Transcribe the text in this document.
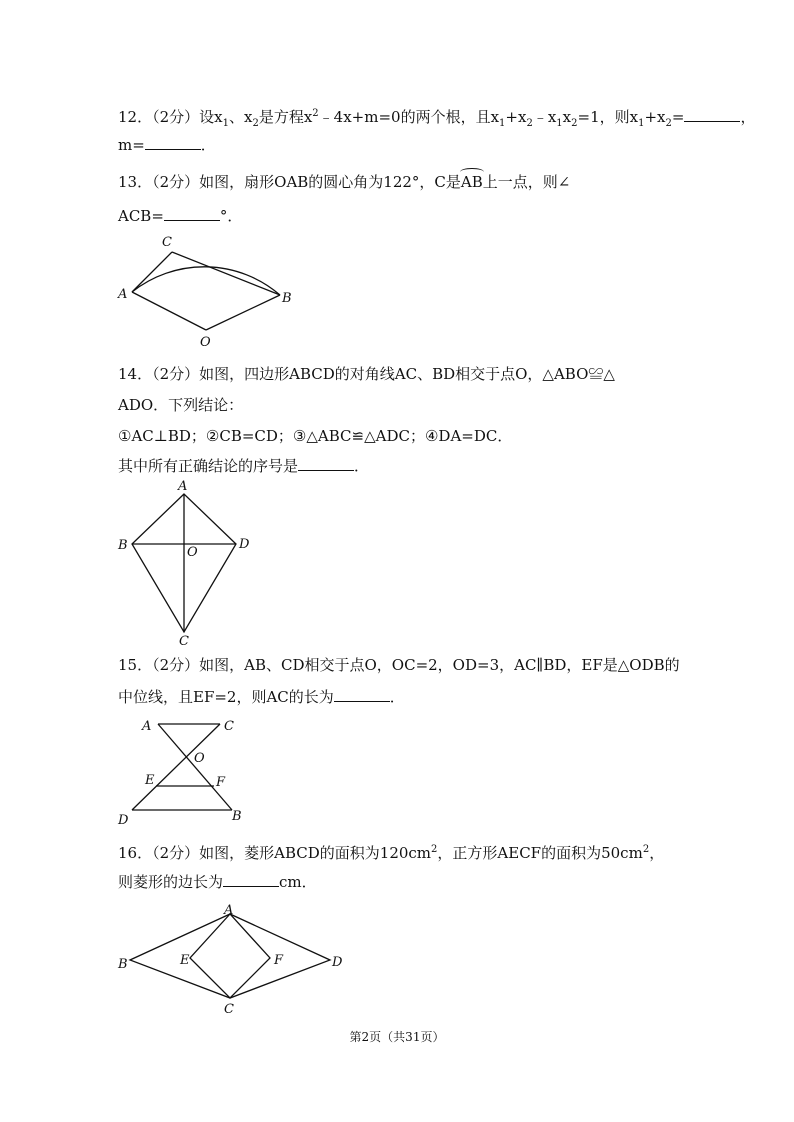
12．（2分）设$x_1$、$x_2$是方程$x^2﹣4x+m=0$的两个根，且$x_1+x_2﹣x_1x_2=1$，则$x_1+x_2=$	，
m=	．
13．（2分）如图，扇形OAB的圆心角为122°，C是AB上一点，则∠
ACB=	°．
C
A	B
O
14．（2分）如图，四边形ABCD的对角线AC、BD相交于点O，△ABO≌△
ADO．下列结论：
①AC⊥BD；②CB=CD；③△ABC≌△ADC；④DA=DC．
其中所有正确结论的序号是	．
A
B	D
O
C
15．（2分）如图，AB、CD相交于点O，OC=2，OD=3，AC∥BD，EF是△ODB的
中位线，且EF=2，则AC的长为	．
A	C
O
E	F
D	B
16．（2分）如图，菱形ABCD的面积为$120cm^2$，正方形AECF的面积为$50cm^2$，
则菱形的边长为	cm．
A
B	E	F	D
C
第2页（共31页）
